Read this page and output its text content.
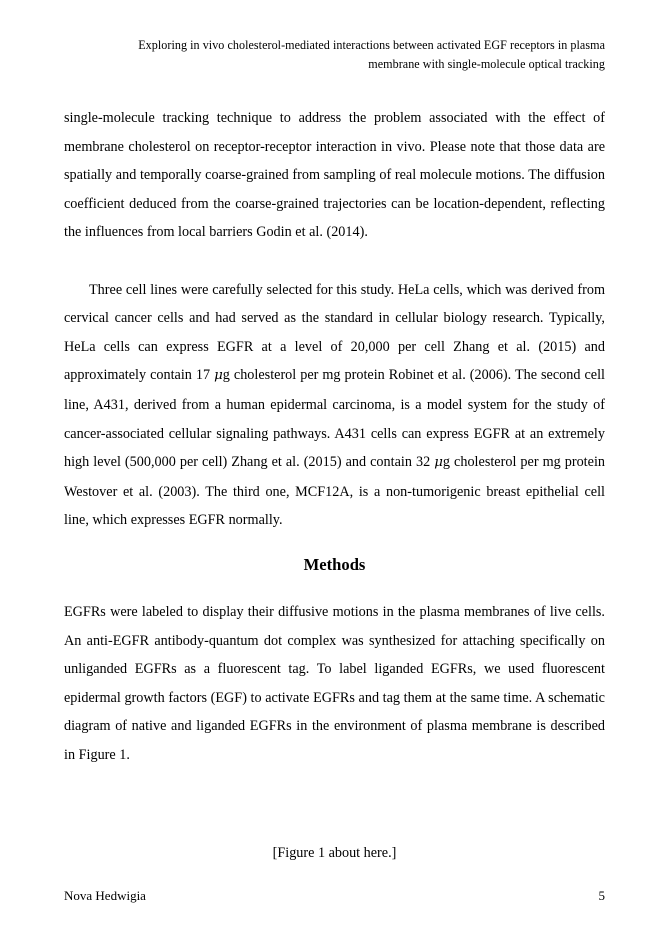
Exploring in vivo cholesterol-mediated interactions between activated EGF receptors in plasma
membrane with single-molecule optical tracking

single-molecule tracking technique to address the problem associated with the effect of membrane cholesterol on receptor-receptor interaction in vivo. Please note that those data are spatially and temporally coarse-grained from sampling of real molecule motions. The diffusion coefficient deduced from the coarse-grained trajectories can be location-dependent, reflecting the influences from local barriers Godin et al. (2014).

Three cell lines were carefully selected for this study. HeLa cells, which was derived from cervical cancer cells and had served as the standard in cellular biology research. Typically, HeLa cells can express EGFR at a level of 20,000 per cell Zhang et al. (2015) and approximately contain 17 μg cholesterol per mg protein Robinet et al. (2006). The second cell line, A431, derived from a human epidermal carcinoma, is a model system for the study of cancer-associated cellular signaling pathways. A431 cells can express EGFR at an extremely high level (500,000 per cell) Zhang et al. (2015) and contain 32 μg cholesterol per mg protein Westover et al. (2003). The third one, MCF12A, is a non-tumorigenic breast epithelial cell line, which expresses EGFR normally.

Methods

EGFRs were labeled to display their diffusive motions in the plasma membranes of live cells. An anti-EGFR antibody-quantum dot complex was synthesized for attaching specifically on unliganded EGFRs as a fluorescent tag. To label liganded EGFRs, we used fluorescent epidermal growth factors (EGF) to activate EGFRs and tag them at the same time. A schematic diagram of native and liganded EGFRs in the environment of plasma membrane is described in Figure 1.

[Figure 1 about here.]
Nova Hedwigia	5
